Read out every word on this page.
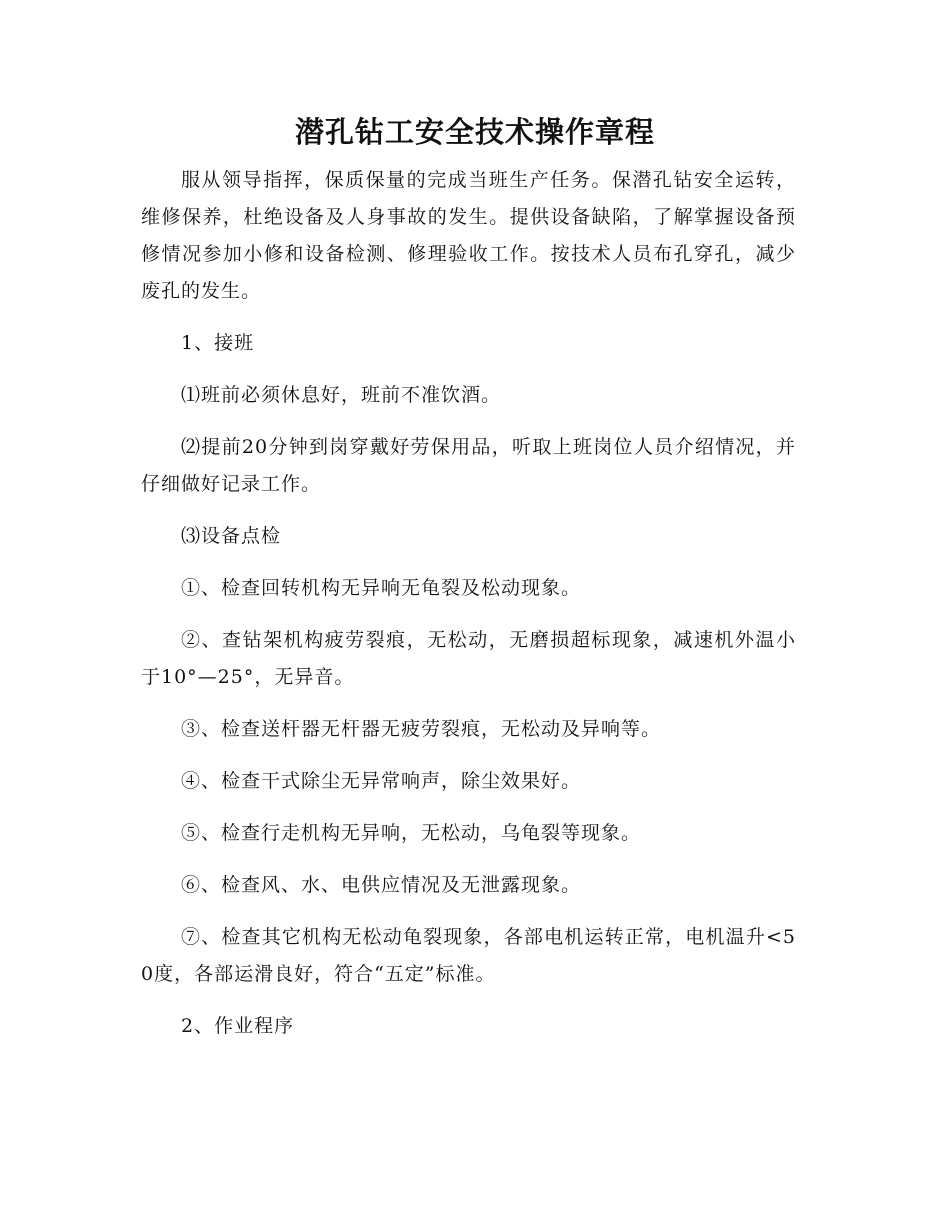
潜孔钻工安全技术操作章程

服从领导指挥，保质保量的完成当班生产任务。保潜孔钻安全运转，维修保养，杜绝设备及人身事故的发生。提供设备缺陷，了解掌握设备预修情况参加小修和设备检测、修理验收工作。按技术人员布孔穿孔，减少废孔的发生。

1、接班

⑴班前必须休息好，班前不准饮酒。

⑵提前20分钟到岗穿戴好劳保用品，听取上班岗位人员介绍情况，并仔细做好记录工作。

⑶设备点检

①、检查回转机构无异响无龟裂及松动现象。

②、查钻架机构疲劳裂痕，无松动，无磨损超标现象，减速机外温小于10°—25°，无异音。

③、检查送杆器无杆器无疲劳裂痕，无松动及异响等。

④、检查干式除尘无异常响声，除尘效果好。

⑤、检查行走机构无异响，无松动，乌龟裂等现象。

⑥、检查风、水、电供应情况及无泄露现象。

⑦、检查其它机构无松动龟裂现象，各部电机运转正常，电机温升<50度，各部运滑良好，符合“五定”标准。

2、作业程序
